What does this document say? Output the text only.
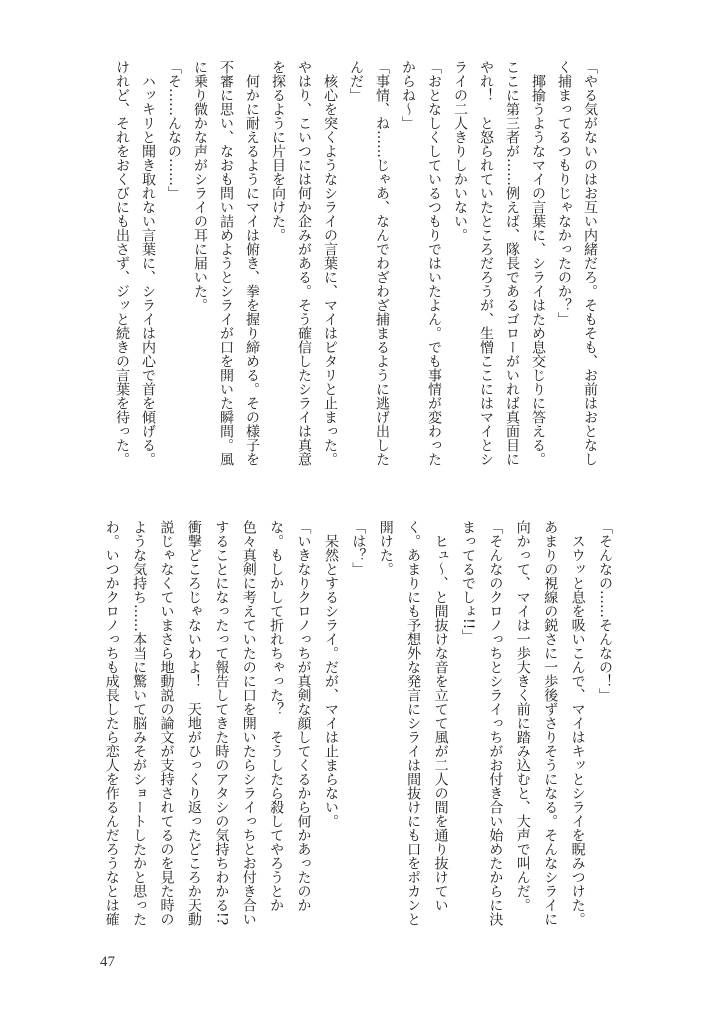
「やる気がないのはお互い内緒だろ。そもそも、お前はおとなし
く捕まってるつもりじゃなかったのか？」
　揶揄うようなマイの言葉に、シライはため息交じりに答える。
ここに第三者が……例えば、隊長であるゴローがいれば真面目に
やれ！　と怒られていたところだろうが、生憎ここにはマイとシ
ライの二人きりしかいない。
「おとなしくしているつもりではいたよん。でも事情が変わった
からね～」
「事情、ね……じゃあ、なんでわざわざ捕まるように逃げ出した
んだ」
　核心を突くようなシライの言葉に、マイはピタリと止まった。
やはり、こいつには何か企みがある。そう確信したシライは真意
を探るように片目を向けた。
　何かに耐えるようにマイは俯き、拳を握り締める。その様子を
不審に思い、なおも問い詰めようとシライが口を開いた瞬間。風
に乗り微かな声がシライの耳に届いた。
「そ……んなの……」
　ハッキリと聞き取れない言葉に、シライは内心で首を傾げる。
けれど、それをおくびにも出さず、ジッと続きの言葉を待った。
「そんなの……そんなの！」
　スウッと息を吸いこんで、マイはキッとシライを睨みつけた。
あまりの視線の鋭さに一歩後ずさりそうになる。そんなシライに
向かって、マイは一歩大きく前に踏み込むと、大声で叫んだ。
「そんなのクロノっちとシライっちがお付き合い始めたからに決
まってるでしょ!!」
　ヒュ～、と間抜けな音を立てて風が二人の間を通り抜けてい
く。あまりにも予想外な発言にシライは間抜けにも口をポカンと
開けた。
「は？」
　呆然とするシライ。だが、マイは止まらない。
「いきなりクロノっちが真剣な顔してくるから何かあったのか
な。もしかして折れちゃった？　そうしたら殺してやろうとか
色々真剣に考えていたのに口を開いたらシライっちとお付き合い
することになったって報告してきた時のアタシの気持ちわかる!?
衝撃どころじゃないわよ！　天地がひっくり返ったどころか天動
説じゃなくていまさら地動説の論文が支持されてるのを見た時の
ような気持ち……本当に驚いて脳みそがショートしたかと思った
わ。いつかクロノっちも成長したら恋人を作るんだろうなとは確
47
